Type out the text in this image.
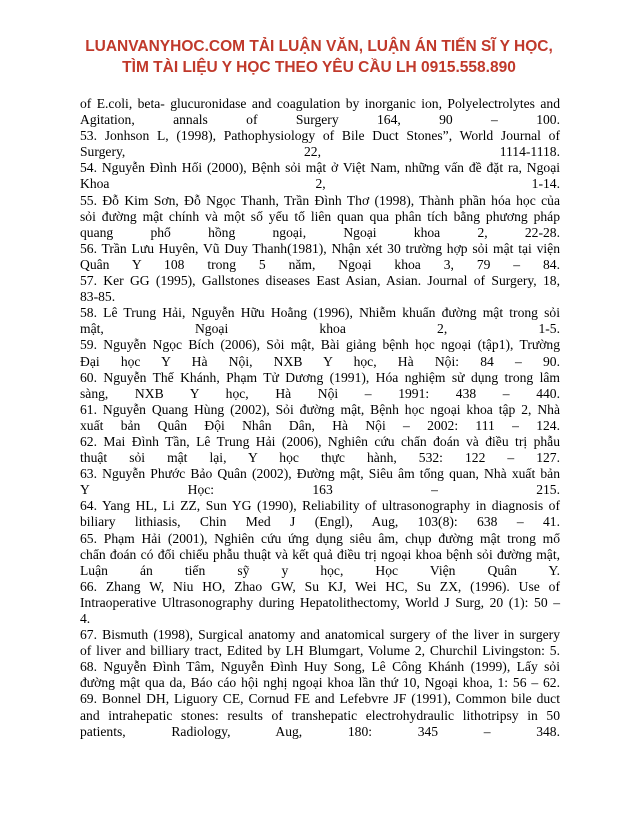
LUANVANYHOC.COM TẢI LUẬN VĂN, LUẬN ÁN TIẾN SĨ Y HỌC,
TÌM TÀI LIỆU Y HỌC THEO YÊU CẦU LH 0915.558.890
of E.coli, beta- glucuronidase and coagulation by inorganic ion, Polyelectrolytes and
Agitation, annals of Surgery 164, 90 – 100.
53. Jonhson L, (1998), Pathophysiology of Bile Duct Stones”, World Journal of
Surgery, 22, 1114-1118.
54. Nguyễn Đình Hối (2000), Bệnh sỏi mật ở Việt Nam, những vấn đề đặt ra, Ngoại
Khoa 2, 1-14.
55. Đỗ Kim Sơn, Đỗ Ngọc Thanh, Trần Đình Thơ (1998), Thành phần hóa học của
sỏi đường mật chính và một số yếu tố liên quan qua phân tích bằng phương pháp
quang phổ hồng ngoại, Ngoại khoa 2, 22-28.
56. Trần Lưu Huyên, Vũ Duy Thanh(1981), Nhận xét 30 trường hợp sỏi mật tại viện
Quân Y 108 trong 5 năm, Ngoại khoa 3, 79 – 84.
57. Ker GG (1995), Gallstones diseases East Asian, Asian. Journal of Surgery, 18,
83-85.
58. Lê Trung Hải, Nguyễn Hữu Hoằng (1996), Nhiễm khuẩn đường mật trong sỏi
mật, Ngoại khoa 2, 1-5.
59. Nguyễn Ngọc Bích (2006), Sỏi mật, Bài giảng bệnh học ngoại (tập1), Trường
Đại học Y Hà Nội, NXB Y học, Hà Nội: 84 – 90.
60. Nguyễn Thế Khánh, Phạm Tử Dương (1991), Hóa nghiệm sử dụng trong lâm
sàng, NXB Y học, Hà Nội – 1991: 438 – 440.
61. Nguyễn Quang Hùng (2002), Sỏi đường mật, Bệnh học ngoại khoa tập 2, Nhà
xuất bản Quân Đội Nhân Dân, Hà Nội – 2002: 111 – 124.
62. Mai Đình Tần, Lê Trung Hải (2006), Nghiên cứu chẩn đoán và điều trị phẫu
thuật sỏi mật lại, Y học thực hành, 532: 122 – 127.
63. Nguyễn Phước Bảo Quân (2002), Đường mật, Siêu âm tổng quan, Nhà xuất bản
Y Học: 163 – 215.
64. Yang HL, Li ZZ, Sun YG (1990), Reliability of ultrasonography in diagnosis of
biliary lithiasis, Chin Med J (Engl), Aug, 103(8): 638 – 41.
65. Phạm Hải (2001), Nghiên cứu ứng dụng siêu âm, chụp đường mật trong mổ
chẩn đoán có đối chiếu phẫu thuật và kết quả điều trị ngoại khoa bệnh sỏi đường mật,
Luận án tiến sỹ y học, Học Viện Quân Y.
66. Zhang W, Niu HO, Zhao GW, Su KJ, Wei HC, Su ZX, (1996). Use of
Intraoperative Ultrasonography during Hepatolithectomy, World J Surg, 20 (1): 50 –
4.
67. Bismuth (1998), Surgical anatomy and anatomical surgery of the liver in surgery
of liver and billiary tract, Edited by LH Blumgart, Volume 2, Churchil Livingston: 5.
68. Nguyễn Đình Tâm, Nguyễn Đình Huy Song, Lê Công Khánh (1999), Lấy sỏi
đường mật qua da, Báo cáo hội nghị ngoại khoa lần thứ 10, Ngoại khoa, 1: 56 – 62.
69. Bonnel DH, Liguory CE, Cornud FE and Lefebvre JF (1991), Common bile duct
and intrahepatic stones: results of transhepatic electrohydraulic lithotripsy in 50
patients, Radiology, Aug, 180: 345 – 348.
